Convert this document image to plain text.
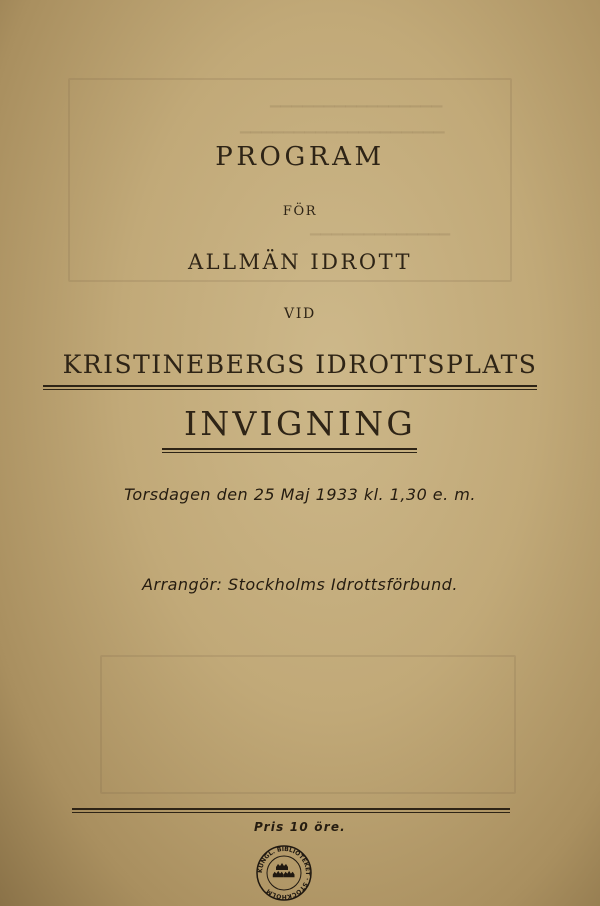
▁▁▁▁▁▁▁▁▁▁▁▁▁▁▁▁
▁▁▁▁▁▁▁▁▁▁▁▁▁▁▁▁▁▁▁
▁▁▁▁▁▁▁▁▁▁▁▁▁
PROGRAM
FÖR
ALLMÄN IDROTT
VID
KRISTINEBERGS IDROTTSPLATS
INVIGNING
Torsdagen den 25 Maj 1933 kl. 1,30 e. m.
Arrangör: Stockholms Idrottsförbund.
Pris 10 öre.
KUNGL. BIBLIOTEKET · STOCKHOLM
